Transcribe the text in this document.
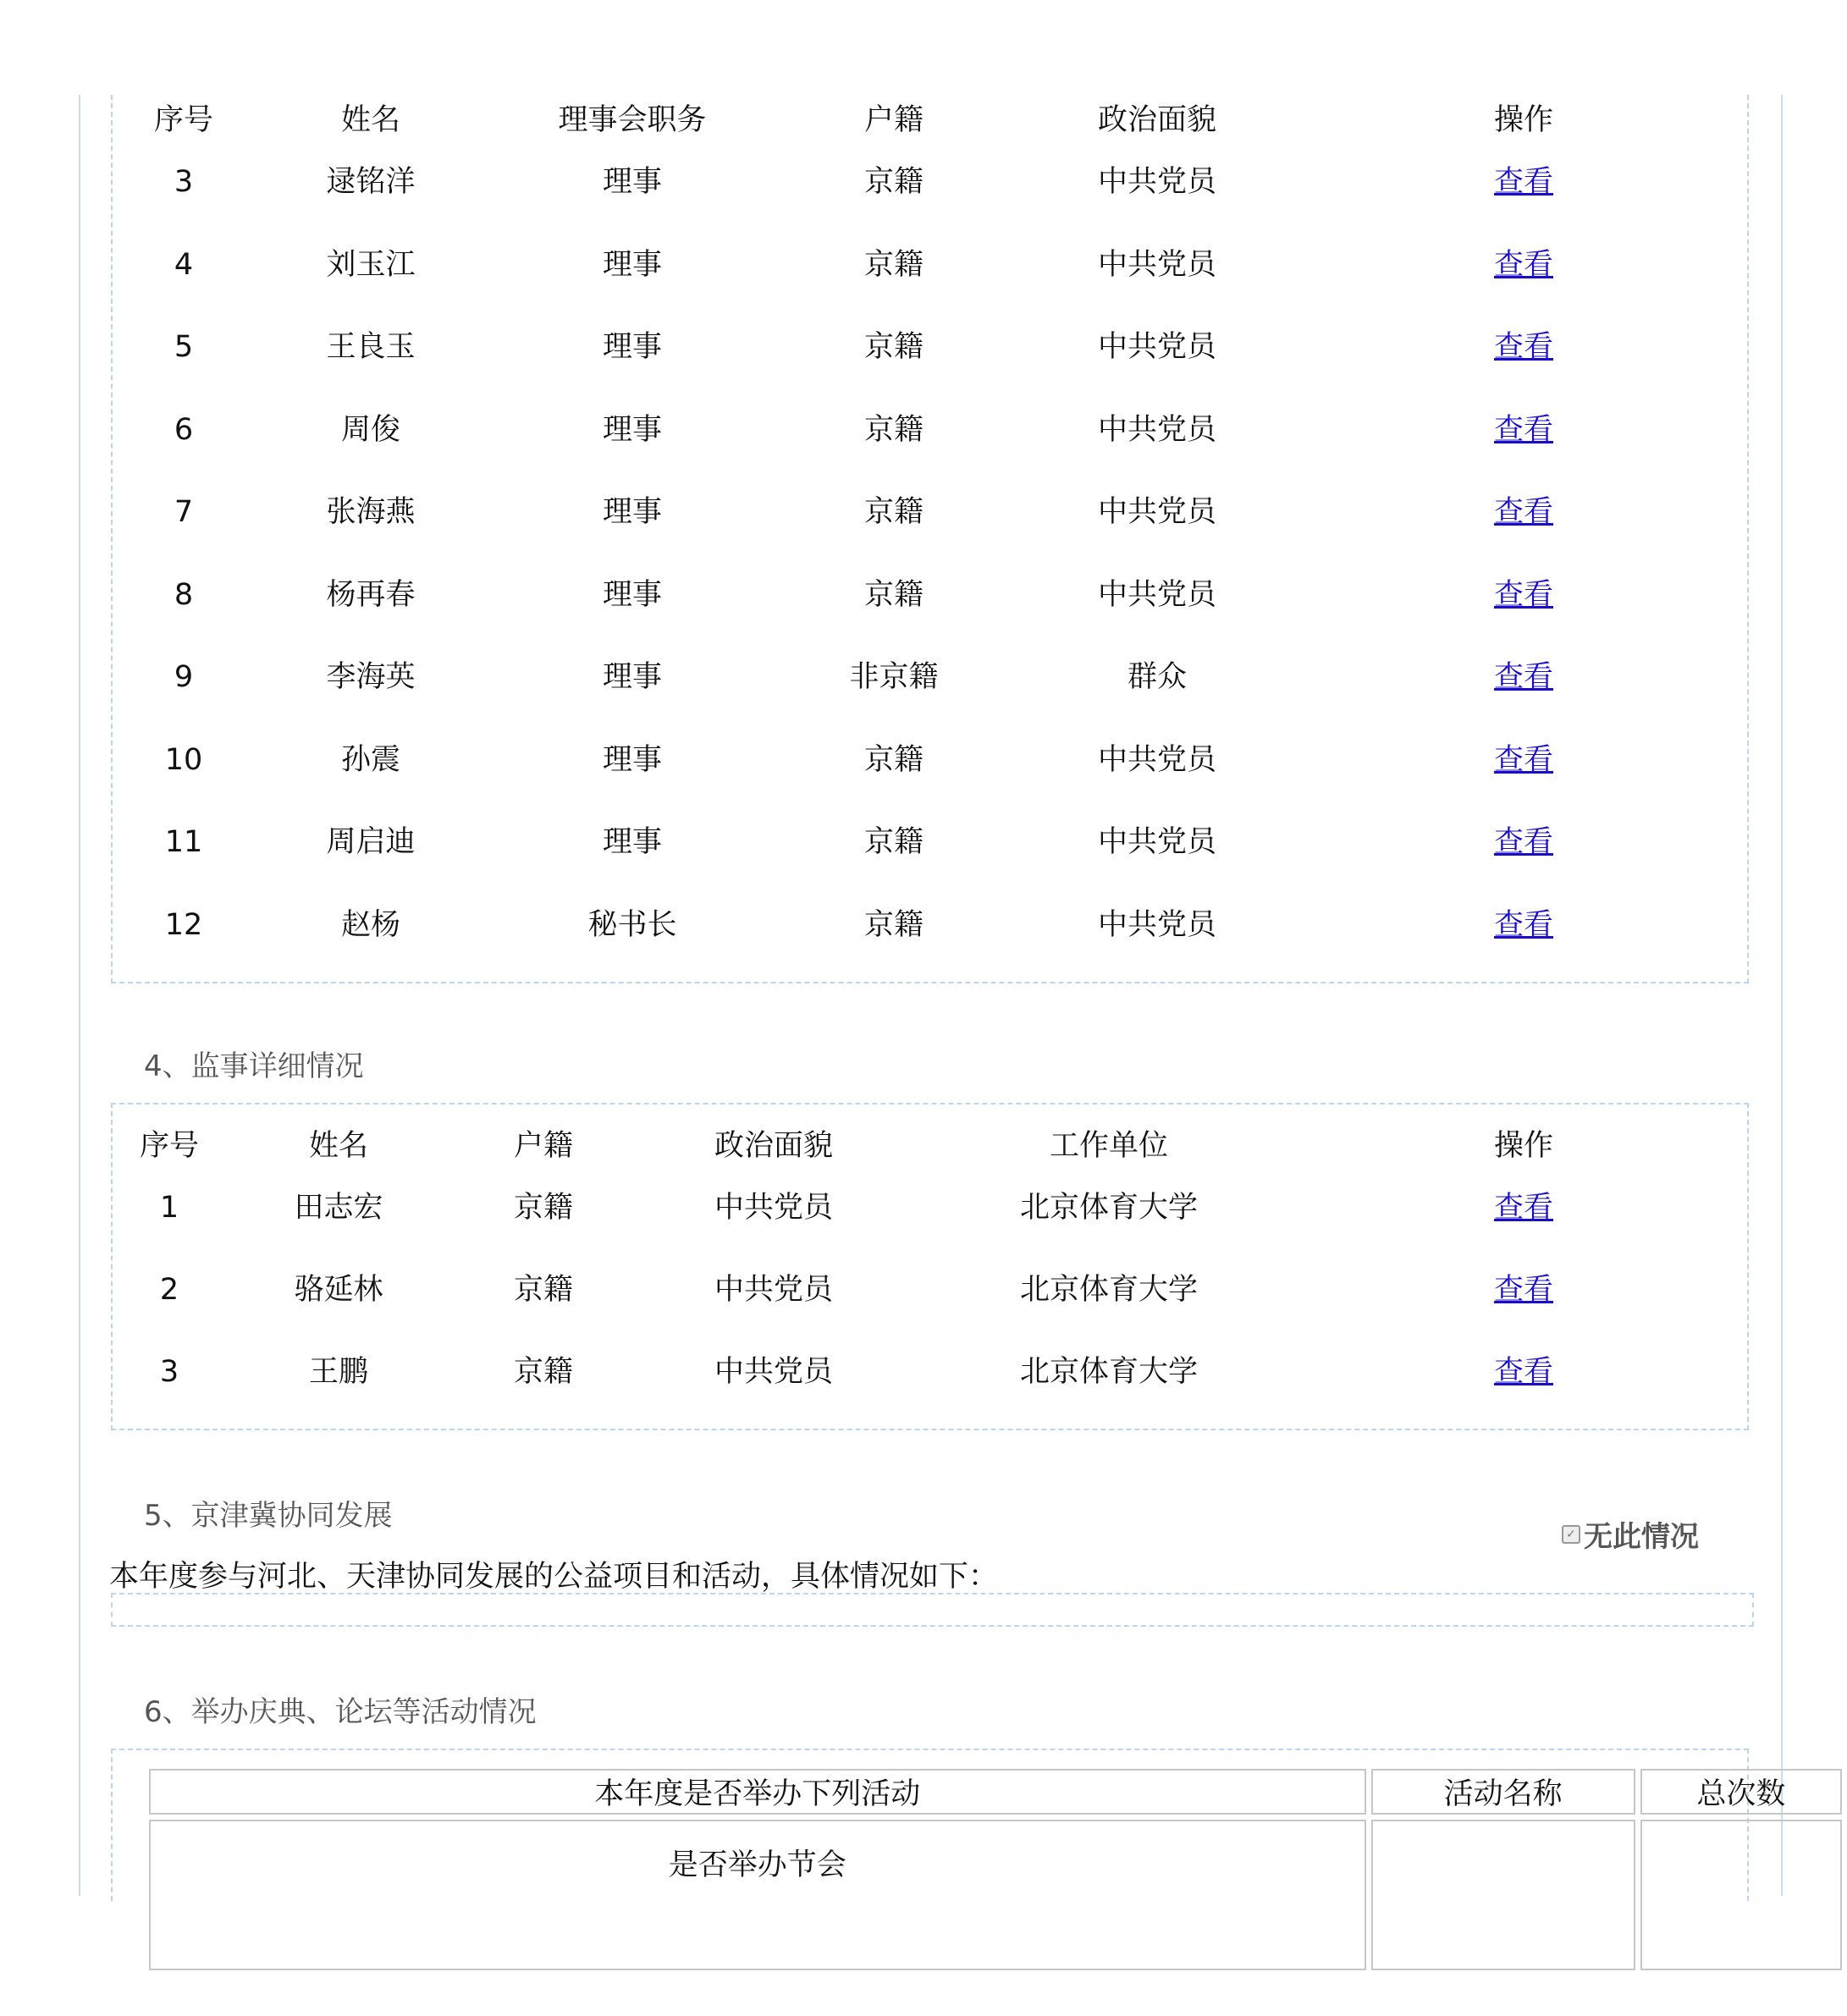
序号	姓名	理事会职务	户籍	政治面貌	操作
3	逯铭洋	理事	京籍	中共党员	查看
4	刘玉江	理事	京籍	中共党员	查看
5	王良玉	理事	京籍	中共党员	查看
6	周俊	理事	京籍	中共党员	查看
7	张海燕	理事	京籍	中共党员	查看
8	杨再春	理事	京籍	中共党员	查看
9	李海英	理事	非京籍	群众	查看
10	孙震	理事	京籍	中共党员	查看
11	周启迪	理事	京籍	中共党员	查看
12	赵杨	秘书长	京籍	中共党员	查看
4、监事详细情况
序号	姓名	户籍	政治面貌	工作单位	操作
1	田志宏	京籍	中共党员	北京体育大学	查看
2	骆延林	京籍	中共党员	北京体育大学	查看
3	王鹏	京籍	中共党员	北京体育大学	查看
5、京津冀协同发展
✓ 无此情况
本年度参与河北、天津协同发展的公益项目和活动，具体情况如下：
6、举办庆典、论坛等活动情况
本年度是否举办下列活动	活动名称	总次数
是否举办节会		
